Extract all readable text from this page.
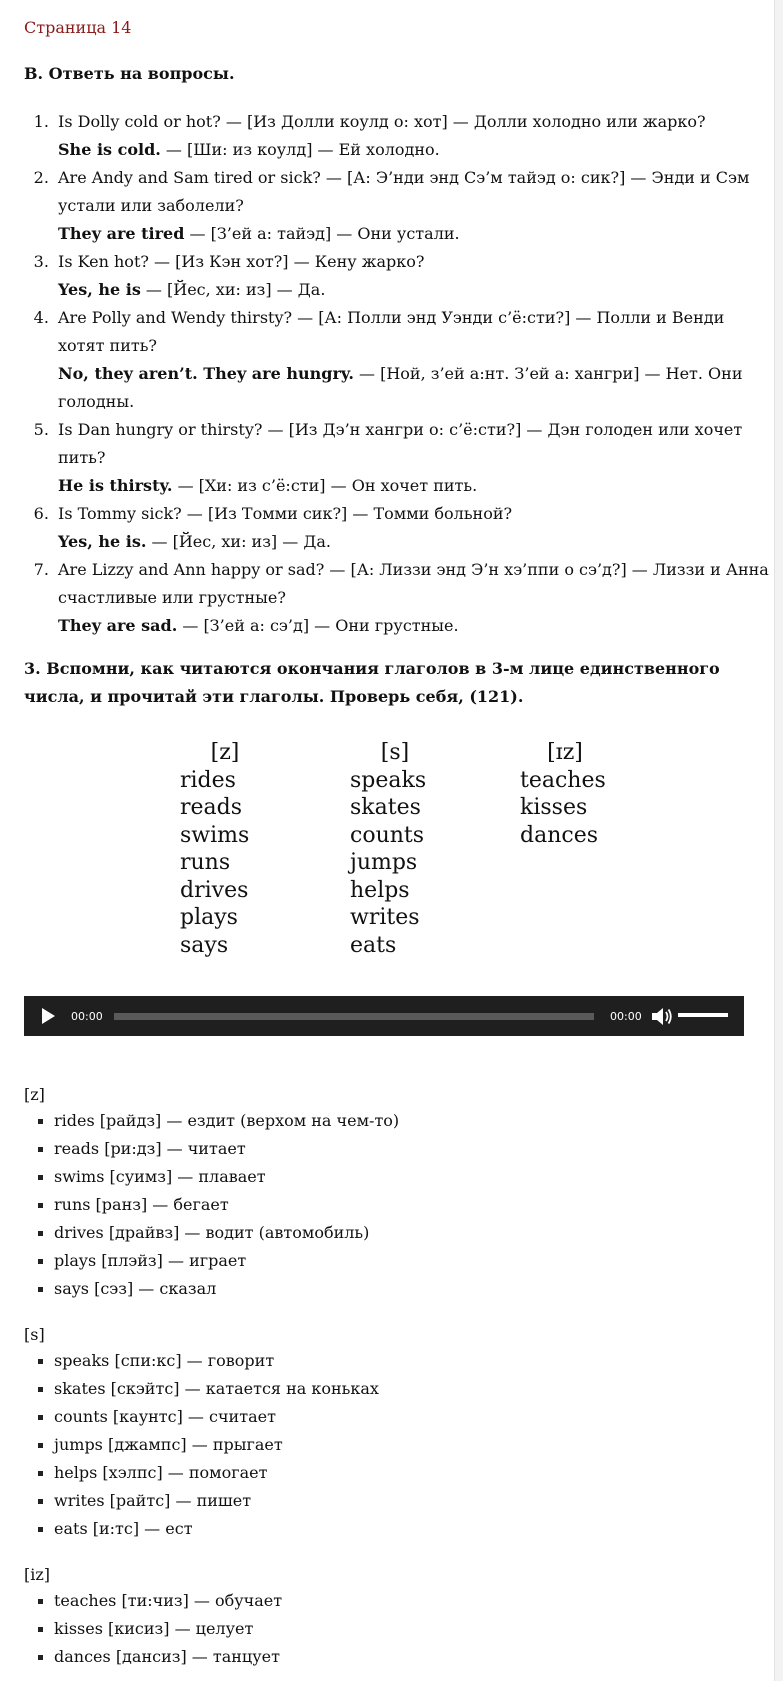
Страница 14
B. Ответь на вопросы.
1. Is Dolly cold or hot? — [Из Долли коулд о: хот] — Долли холодно или жарко?
She is cold. — [Ши: из коулд] — Ей холодно.
2. Are Andy and Sam tired or sick? — [А: Э’нди энд Сэ’м тайэд о: сик?] — Энди и Сэм устали или заболели?
They are tired — [З’ей а: тайэд] — Они устали.
3. Is Ken hot? — [Из Кэн хот?] — Кену жарко?
Yes, he is — [Йес, хи: из] — Да.
4. Are Polly and Wendy thirsty? — [А: Полли энд Уэнди с’ё:сти?] — Полли и Венди хотят пить?
No, they aren’t. They are hungry. — [Ной, з’ей а:нт. З’ей а: хангри] — Нет. Они голодны.
5. Is Dan hungry or thirsty? — [Из Дэ’н хангри о: с’ё:сти?] — Дэн голоден или хочет пить?
He is thirsty. — [Хи: из с’ё:сти] — Он хочет пить.
6. Is Tommy sick? — [Из Томми сик?] — Томми больной?
Yes, he is. — [Йес, хи: из] — Да.
7. Are Lizzy and Ann happy or sad? — [А: Лиззи энд Э’н хэ’ппи о сэ’д?] — Лиззи и Анна счастливые или грустные?
They are sad. — [З’ей а: сэ’д] — Они грустные.
3. Вспомни, как читаются окончания глаголов в 3-м лице единственного числа, и прочитай эти глаголы. Проверь себя, (121).
[z]
rides
reads
swims
runs
drives
plays
says
[s]
speaks
skates
counts
jumps
helps
writes
eats
[ɪz]
teaches
kisses
dances
00:00	00:00
[z]
rides [райдз] — ездит (верхом на чем-то)
reads [ри:дз] — читает
swims [суимз] — плавает
runs [ранз] — бегает
drives [драйвз] — водит (автомобиль)
plays [плэйз] — играет
says [сэз] — сказал
[s]
speaks [спи:кс] — говорит
skates [скэйтс] — катается на коньках
counts [каунтс] — считает
jumps [джампс] — прыгает
helps [хэлпс] — помогает
writes [райтс] — пишет
eats [и:тс] — ест
[iz]
teaches [ти:чиз] — обучает
kisses [кисиз] — целует
dances [дансиз] — танцует
